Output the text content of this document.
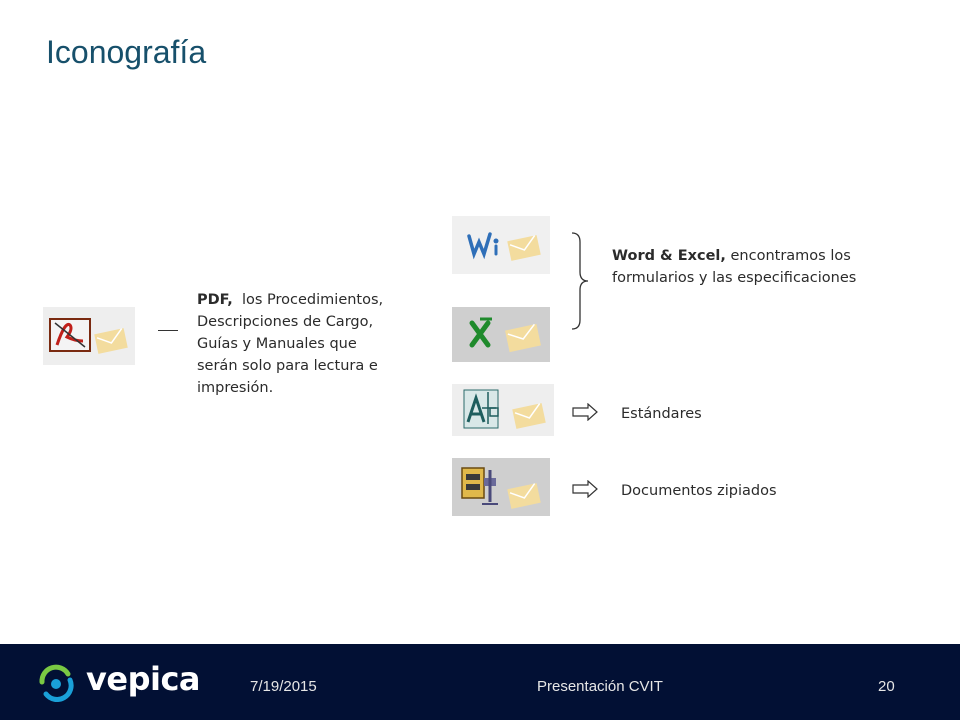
Iconografía
PDF,  los Procedimientos,
Descripciones de Cargo,
Guías y Manuales que
serán solo para lectura e
impresión.
Word & Excel, encontramos los
formularios y las especificaciones
Estándares
Documentos zipiados
vepica	7/19/2015	Presentación CVIT	20
